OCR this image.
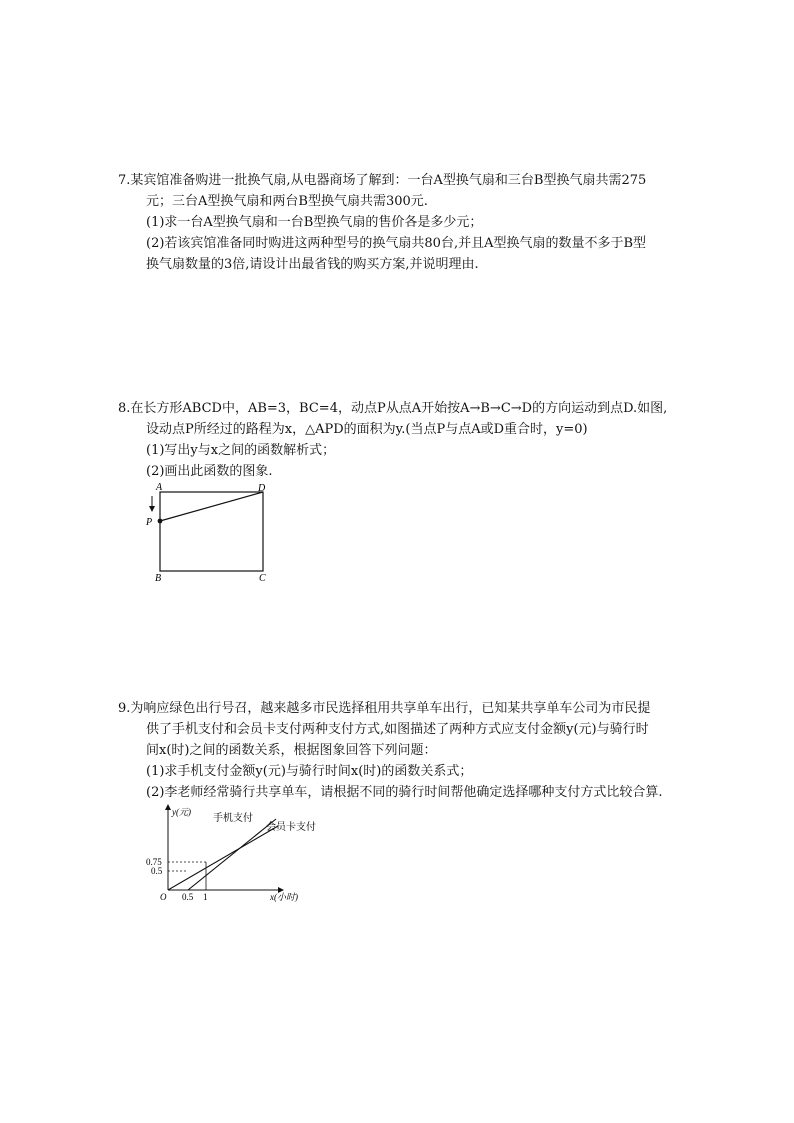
7.某宾馆准备购进一批换气扇,从电器商场了解到：一台A型换气扇和三台B型换气扇共需275
元；三台A型换气扇和两台B型换气扇共需300元.
(1)求一台A型换气扇和一台B型换气扇的售价各是多少元；
(2)若该宾馆准备同时购进这两种型号的换气扇共80台,并且A型换气扇的数量不多于B型
换气扇数量的3倍,请设计出最省钱的购买方案,并说明理由.
8.在长方形ABCD中，AB=3，BC=4，动点P从点A开始按A→B→C→D的方向运动到点D.如图,
设动点P所经过的路程为x，△APD的面积为y.(当点P与点A或D重合时，y=0)
(1)写出y与x之间的函数解析式；
(2)画出此函数的图象.
A	D
P
B	C
9.为响应绿色出行号召，越来越多市民选择租用共享单车出行，已知某共享单车公司为市民提
供了手机支付和会员卡支付两种支付方式,如图描述了两种方式应支付金额y(元)与骑行时
间x(时)之间的函数关系，根据图象回答下列问题：
(1)求手机支付金额y(元)与骑行时间x(时)的函数关系式；
(2)李老师经常骑行共享单车，请根据不同的骑行时间帮他确定选择哪种支付方式比较合算.
y(元)
x(小时)
O 0.5 1
0.5
0.75
手机支付
会员卡支付
